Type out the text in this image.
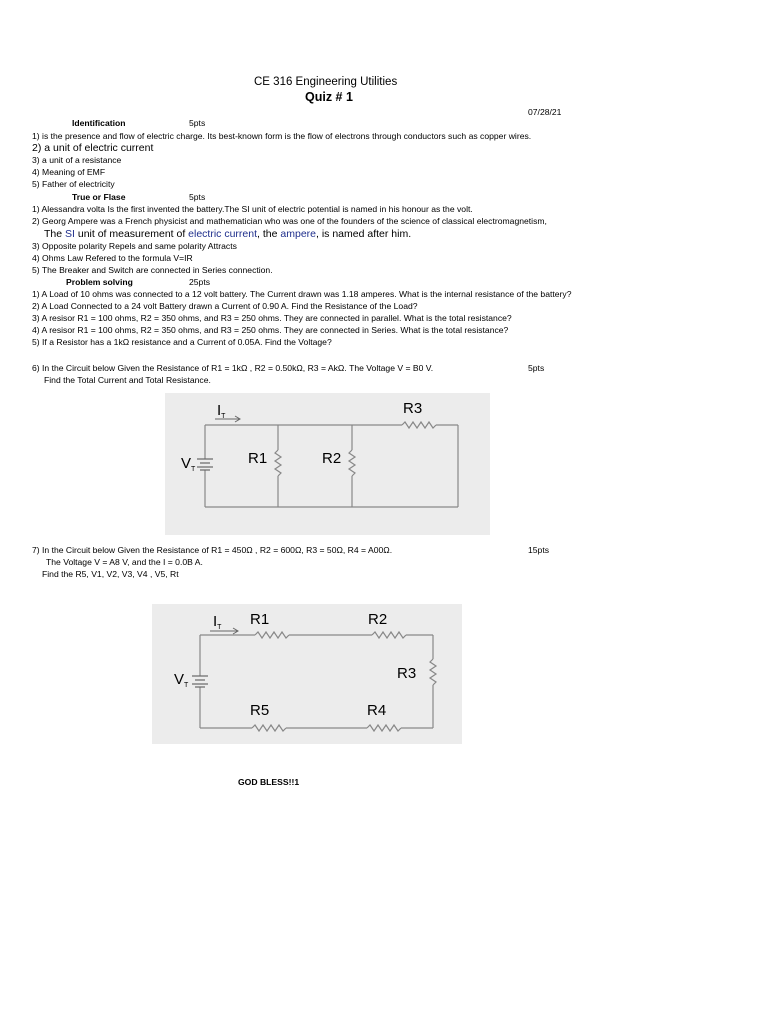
CE 316 Engineering Utilities
Quiz # 1
07/28/21
Identification	5pts
1) is the presence and flow of electric charge. Its best-known form is the flow of electrons through conductors such as copper wires.
2) a unit of electric current
3) a unit of a resistance
4) Meaning of EMF
5) Father of electricity
True or Flase	5pts
1) Alessandra volta Is the first invented the battery.The SI unit of electric potential is named in his honour as the volt.
2) Georg Ampere was a French physicist and mathematician who was one of the founders of the science of classical electromagnetism,
The SI unit of measurement of electric current, the ampere, is named after him.
3) Opposite polarity Repels and same polarity Attracts
4) Ohms Law Refered to the formula V=IR
5) The Breaker and Switch are connected in Series connection.
Problem solving	25pts
1) A Load of 10 ohms was connected to a 12 volt battery. The Current drawn was 1.18 amperes. What is the internal resistance of the battery?
2) A Load Connected to a 24 volt Battery drawn a Current of 0.90 A. Find the Resistance of the Load?
3) A resisor R1 = 100 ohms, R2 = 350 ohms, and R3 = 250 ohms. They are connected in parallel. What is the total resistance?
4) A resisor R1 = 100 ohms, R2 = 350 ohms, and R3 = 250 ohms. They are connected in Series. What is the total resistance?
5) If a Resistor has a 1kΩ resistance and a Current of 0.05A. Find the Voltage?
6) In the Circuit below Given the Resistance of R1 = 1kΩ , R2 = 0.50kΩ, R3 = AkΩ. The Voltage V = B0 V.	5pts
Find the Total Current and Total Resistance.
$I_T$
$V_T$
R1	R2
R3
7) In the Circuit below Given the Resistance of R1 = 450Ω , R2 = 600Ω, R3 = 50Ω, R4 = A00Ω.	15pts
The Voltage V = A8 V, and the I = 0.0B A.
Find the R5, V1, V2, V3, V4 , V5, Rt
$I_T$
$V_T$
R1	R2
R3
R4
R5
GOD BLESS!!1
